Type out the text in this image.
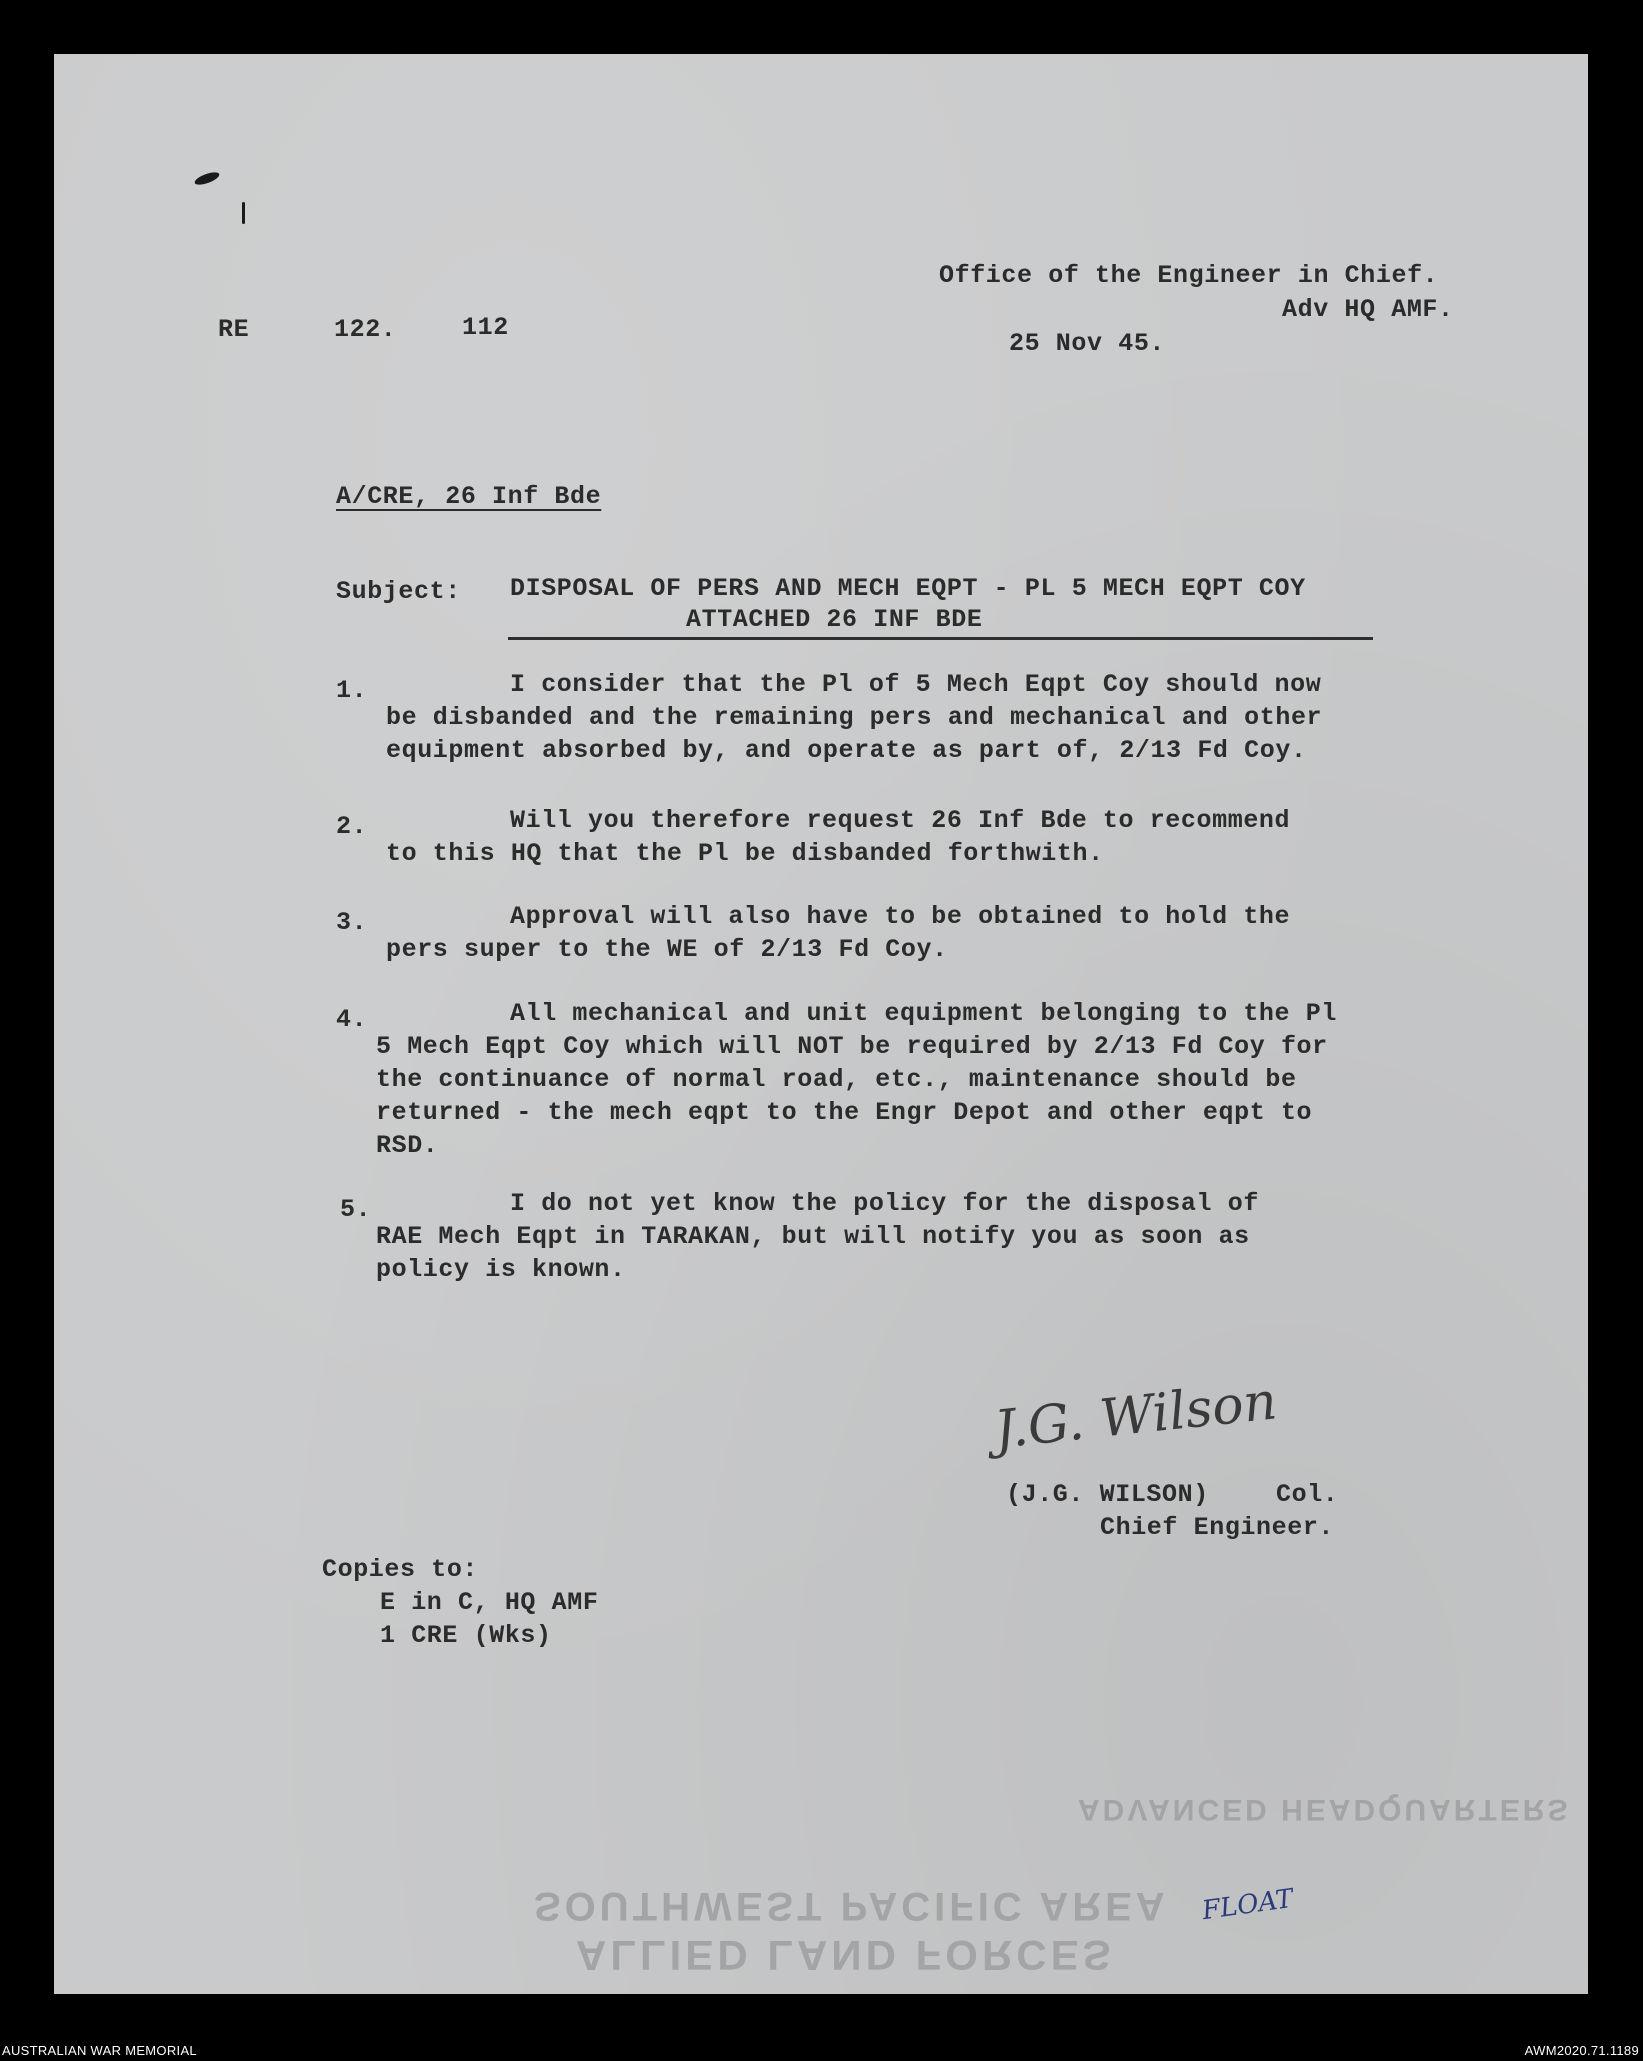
Office of the Engineer in Chief.
Adv HQ AMF.
RE	122.	112
25 Nov 45.
A/CRE, 26 Inf Bde
Subject: DISPOSAL OF PERS AND MECH EQPT - PL 5 MECH EQPT COY
ATTACHED 26 INF BDE
1.	I consider that the Pl of 5 Mech Eqpt Coy should now
be disbanded and the remaining pers and mechanical and other
equipment absorbed by, and operate as part of, 2/13 Fd Coy.
2.	Will you therefore request 26 Inf Bde to recommend
to this HQ that the Pl be disbanded forthwith.
3.	Approval will also have to be obtained to hold the
pers super to the WE of 2/13 Fd Coy.
4.	All mechanical and unit equipment belonging to the Pl
5 Mech Eqpt Coy which will NOT be required by 2/13 Fd Coy for
the continuance of normal road, etc., maintenance should be
returned - the mech eqpt to the Engr Depot and other eqpt to
RSD.
5.	I do not yet know the policy for the disposal of
RAE Mech Eqpt in TARAKAN, but will notify you as soon as
policy is known.
J.G. Wilson
(J.G. WILSON)	Col.
Chief Engineer.
Copies to:
E in C, HQ AMF
1 CRE (Wks)
ADVANCED HEADQUARTERS
SOUTHWEST PACIFIC AREA
ALLIED LAND FORCES
FLOAT
AUSTRALIAN WAR MEMORIAL	AWM2020.71.1189
